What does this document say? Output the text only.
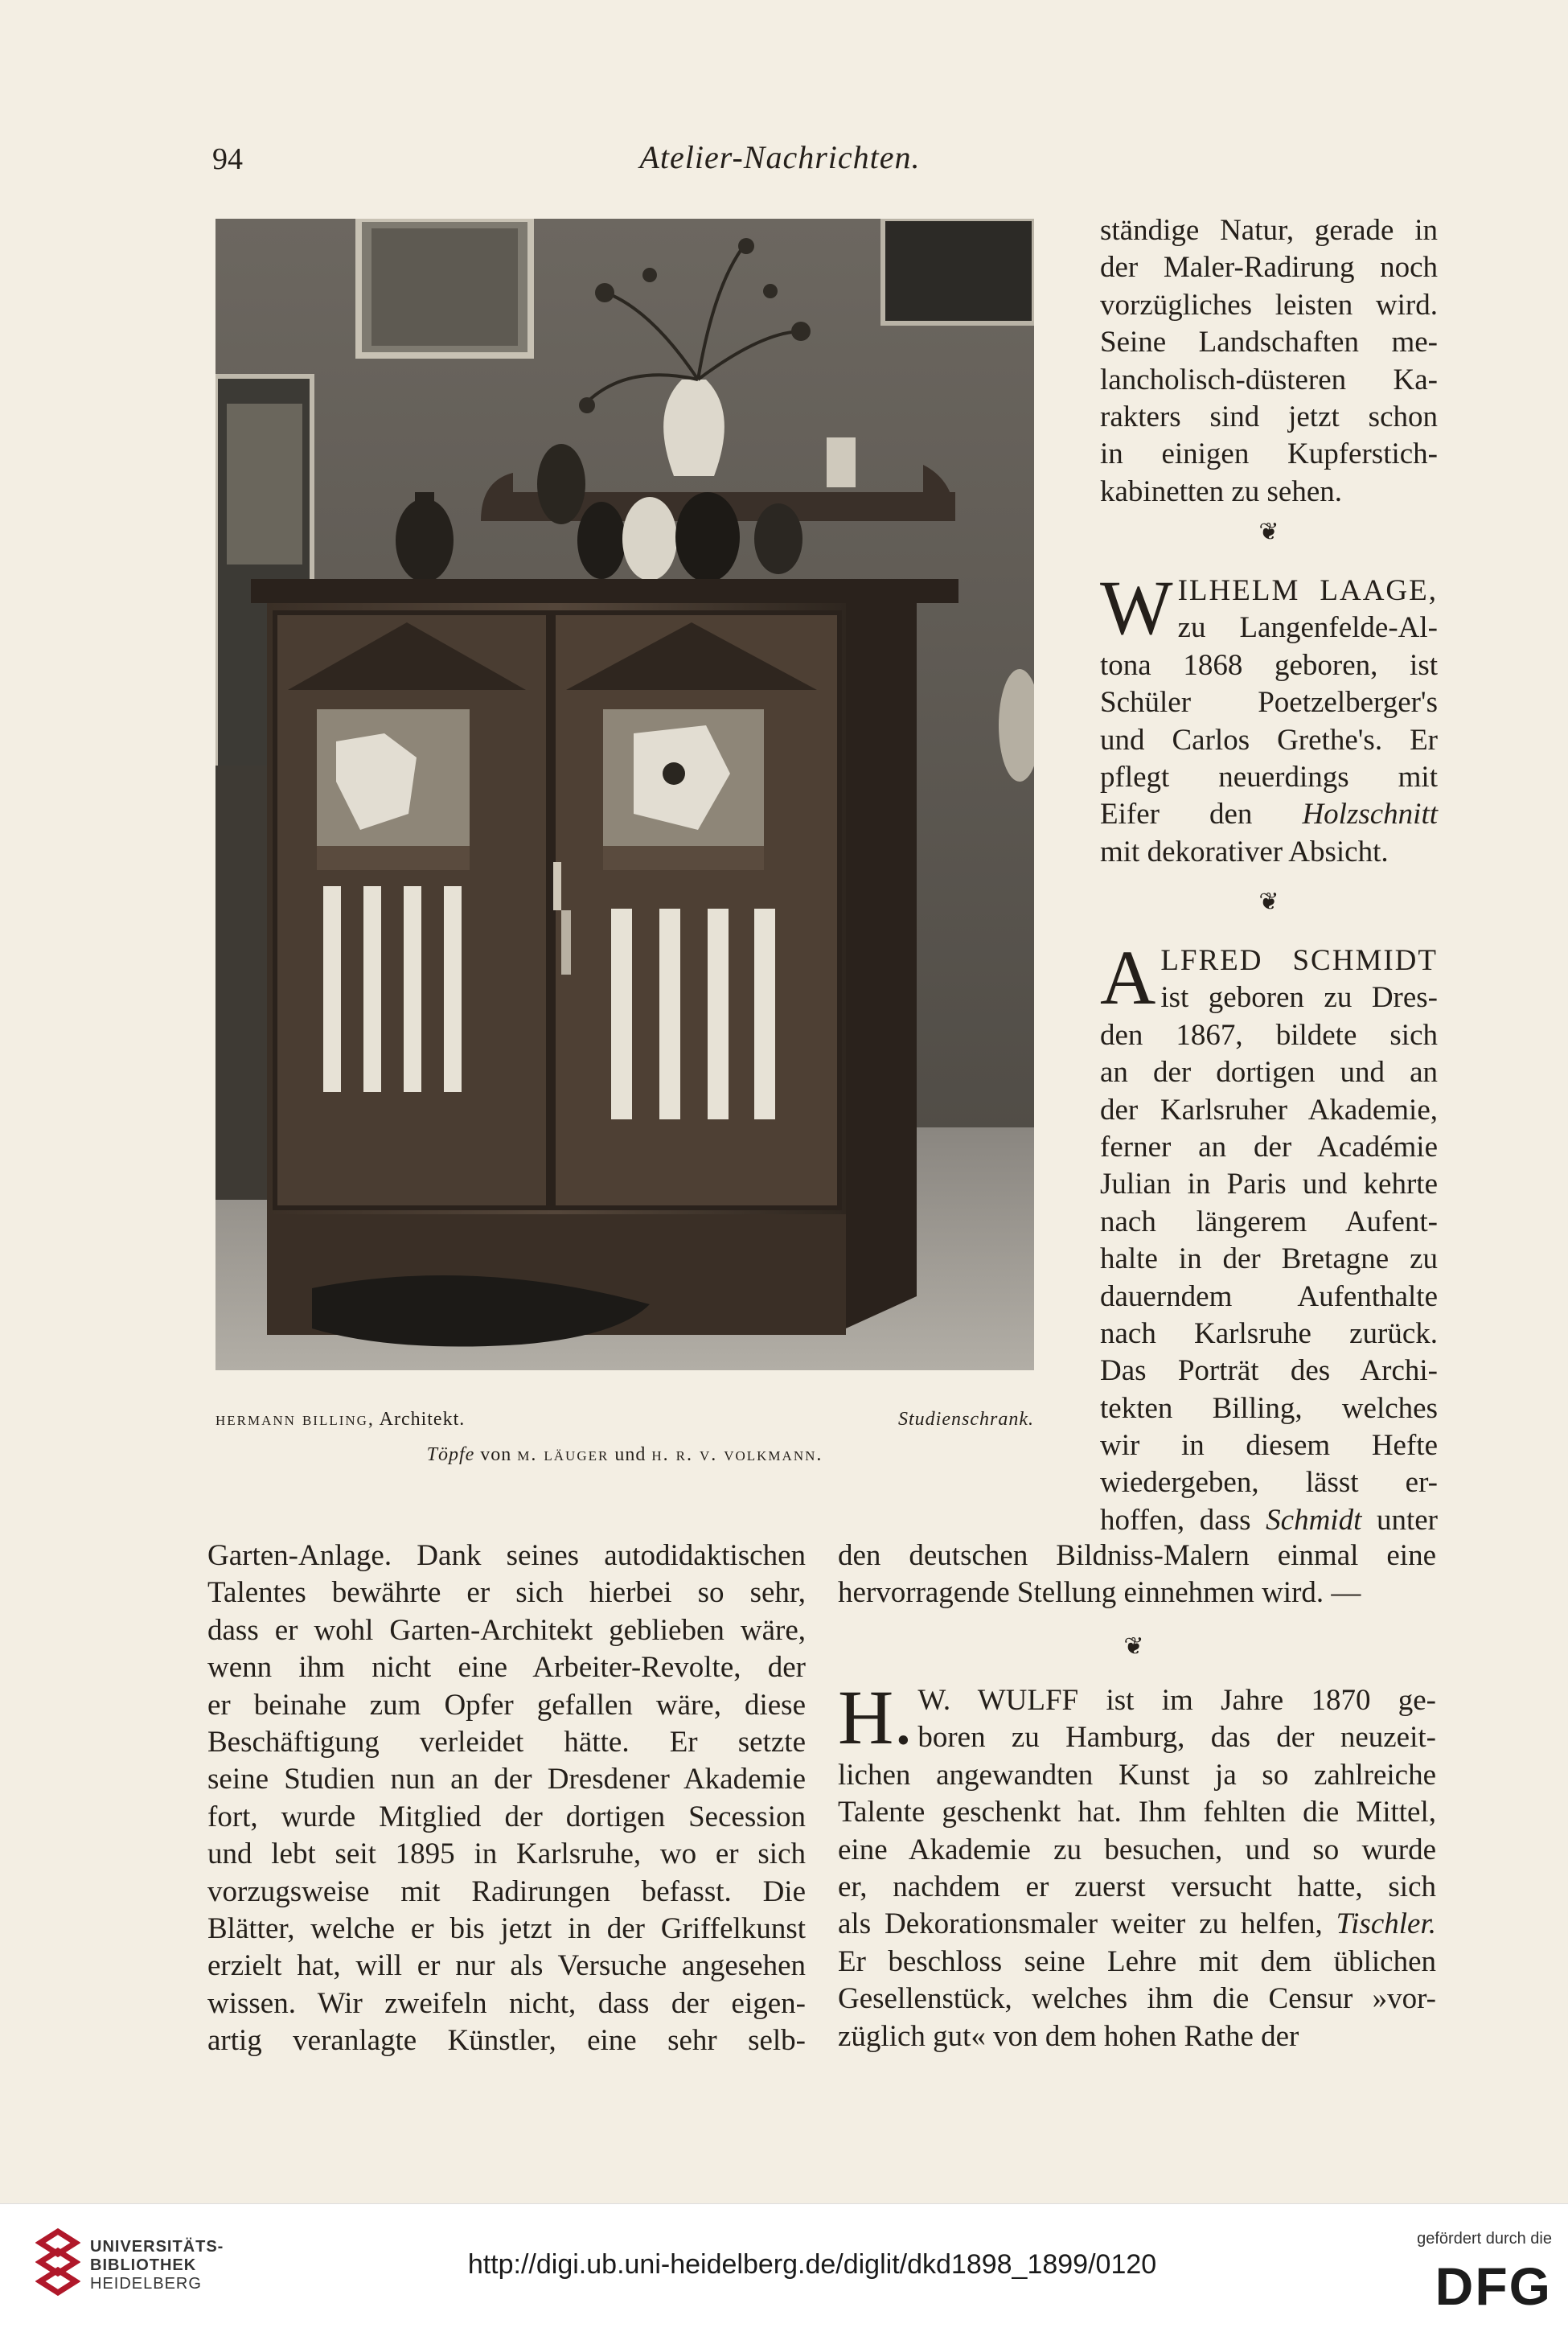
94	Atelier-Nachrichten.
hermann billing, Architekt.	Studienschrank.
Töpfe von m. läuger und h. r. v. volkmann.
ständige Natur, gerade in
der Maler-Radirung noch
vorzügliches leisten wird.
Seine Landschaften me-
lancholisch-düsteren Ka-
rakters sind jetzt schon
in einigen Kupferstich-
kabinetten zu sehen.
❦
W ILHELM LAAGE,
zu Langenfelde-Al-
tona 1868 geboren, ist
Schüler Poetzelberger's
und Carlos Grethe's. Er
pflegt neuerdings mit
Eifer den Holzschnitt
mit dekorativer Absicht.
❦
A LFRED SCHMIDT
ist geboren zu Dres-
den 1867, bildete sich
an der dortigen und an
der Karlsruher Akademie,
ferner an der Académie
Julian in Paris und kehrte
nach längerem Aufent-
halte in der Bretagne zu
dauerndem Aufenthalte
nach Karlsruhe zurück.
Das Porträt des Archi-
tekten Billing, welches
wir in diesem Hefte
wiedergeben, lässt er-
hoffen, dass Schmidt unter
den deutschen Bildniss-Malern einmal eine
hervorragende Stellung einnehmen wird. —
❦
H. W. WULFF ist im Jahre 1870 ge-
boren zu Hamburg, das der neuzeit-
lichen angewandten Kunst ja so zahlreiche
Talente geschenkt hat. Ihm fehlten die Mittel,
eine Akademie zu besuchen, und so wurde
er, nachdem er zuerst versucht hatte, sich
als Dekorationsmaler weiter zu helfen, Tischler.
Er beschloss seine Lehre mit dem üblichen
Gesellenstück, welches ihm die Censur »vor-
züglich gut« von dem hohen Rathe der
Garten-Anlage. Dank seines autodidaktischen
Talentes bewährte er sich hierbei so sehr,
dass er wohl Garten-Architekt geblieben wäre,
wenn ihm nicht eine Arbeiter-Revolte, der
er beinahe zum Opfer gefallen wäre, diese
Beschäftigung verleidet hätte. Er setzte
seine Studien nun an der Dresdener Akademie
fort, wurde Mitglied der dortigen Secession
und lebt seit 1895 in Karlsruhe, wo er sich
vorzugsweise mit Radirungen befasst. Die
Blätter, welche er bis jetzt in der Griffelkunst
erzielt hat, will er nur als Versuche angesehen
wissen. Wir zweifeln nicht, dass der eigen-
artig veranlagte Künstler, eine sehr selb-
UNIVERSITÄTS-
BIBLIOTHEK
HEIDELBERG
http://digi.ub.uni-heidelberg.de/diglit/dkd1898_1899/0120
gefördert durch die
DFG
